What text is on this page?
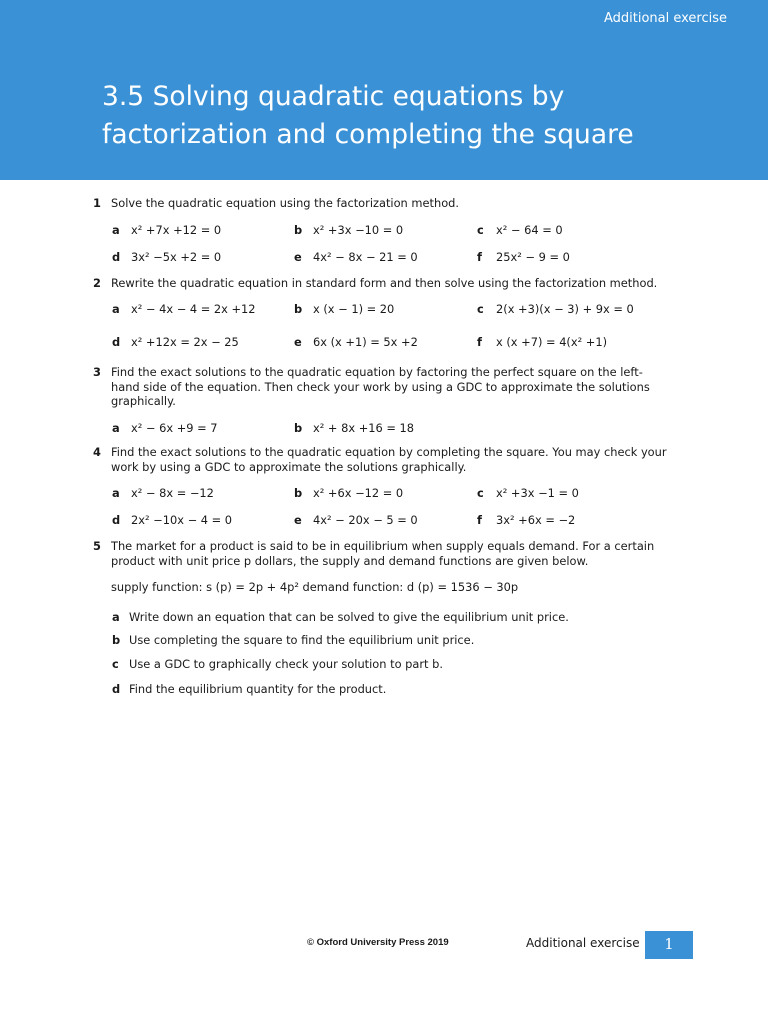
Additional exercise
3.5 Solving quadratic equations by
factorization and completing the square
1 Solve the quadratic equation using the factorization method.
a x² +7x +12 = 0	b x² +3x −10 = 0	c x² − 64 = 0
d 3x² −5x +2 = 0	e 4x² − 8x − 21 = 0	f 25x² − 9 = 0
2 Rewrite the quadratic equation in standard form and then solve using the factorization method.
a x² − 4x − 4 = 2x +12	b x (x − 1) = 20	c 2(x +3)(x − 3) + 9x = 0
d x² +12x = 2x − 25	e 6x (x +1) = 5x +2	f x (x +7) = 4(x² +1)
3 Find the exact solutions to the quadratic equation by factoring the perfect square on the left-hand side of the equation. Then check your work by using a GDC to approximate the solutions graphically.
a x² − 6x +9 = 7	b x² + 8x +16 = 18
4 Find the exact solutions to the quadratic equation by completing the square. You may check your work by using a GDC to approximate the solutions graphically.
a x² − 8x = −12	b x² +6x −12 = 0	c x² +3x −1 = 0
d 2x² −10x − 4 = 0	e 4x² − 20x − 5 = 0	f 3x² +6x = −2
5 The market for a product is said to be in equilibrium when supply equals demand. For a certain product with unit price p dollars, the supply and demand functions are given below.
supply function: s (p) = 2p + 4p² demand function: d (p) = 1536 − 30p
a Write down an equation that can be solved to give the equilibrium unit price.
b Use completing the square to find the equilibrium unit price.
c Use a GDC to graphically check your solution to part b.
d Find the equilibrium quantity for the product.
© Oxford University Press 2019	Additional exercise	1
